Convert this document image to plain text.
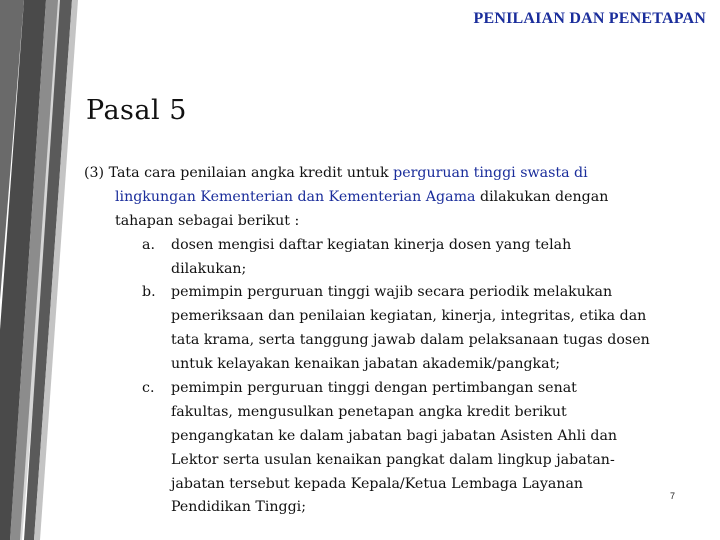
PENILAIAN DAN PENETAPAN
Pasal 5
(3) Tata cara penilaian angka kredit untuk perguruan tinggi swasta di
lingkungan Kementerian dan Kementerian Agama dilakukan dengan
tahapan sebagai berikut :
a. dosen mengisi daftar kegiatan kinerja dosen yang telah
dilakukan;
b. pemimpin perguruan tinggi wajib secara periodik melakukan
pemeriksaan dan penilaian kegiatan, kinerja, integritas, etika dan
tata krama, serta tanggung jawab dalam pelaksanaan tugas dosen
untuk kelayakan kenaikan jabatan akademik/pangkat;
c. pemimpin perguruan tinggi dengan pertimbangan senat
fakultas, mengusulkan penetapan angka kredit berikut
pengangkatan ke dalam jabatan bagi jabatan Asisten Ahli dan
Lektor serta usulan kenaikan pangkat dalam lingkup jabatan-
jabatan tersebut kepada Kepala/Ketua Lembaga Layanan
Pendidikan Tinggi;
7
